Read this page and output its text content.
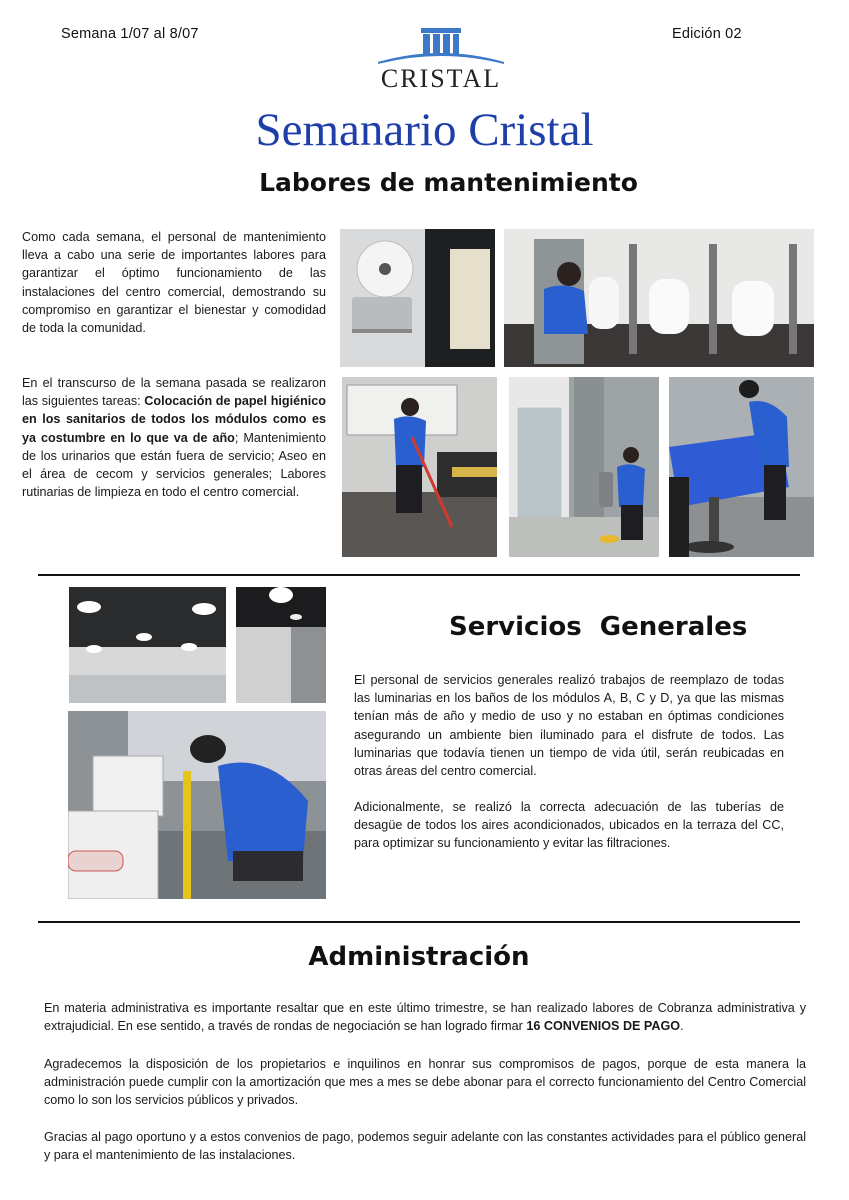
Semana 1/07 al 8/07	Edición 02
CRISTAL
Semanario Cristal
Labores de mantenimiento
Como cada semana, el personal de mantenimiento lleva a cabo una serie de importantes labores para garantizar el óptimo funcionamiento de las instalaciones del centro comercial, demostrando su compromiso en garantizar el bienestar y comodidad de toda la comunidad.
En el transcurso de la semana pasada se realizaron las siguientes tareas: Colocación de papel higiénico en los sanitarios de todos los módulos como es ya costumbre en lo que va de año; Mantenimiento de los urinarios que están fuera de servicio; Aseo en el área de cecom y servicios generales; Labores rutinarias de limpieza en todo el centro comercial.
Servicios  Generales
El personal de servicios generales realizó trabajos de reemplazo de todas las luminarias en los baños de los módulos A, B, C y D, ya que las mismas tenían más de año y medio de uso y no estaban en óptimas condiciones asegurando un ambiente bien iluminado para el disfrute de todos. Las luminarias que todavía tienen un tiempo de vida útil, serán reubicadas en otras áreas del centro comercial.
Adicionalmente, se realizó la correcta adecuación de las tuberías de desagüe de todos los aires acondicionados, ubicados en la terraza del CC, para optimizar su funcionamiento y evitar las filtraciones.
Administración
En materia administrativa es importante resaltar que en este último trimestre, se han realizado labores de Cobranza administrativa y extrajudicial. En ese sentido, a través de rondas de negociación se han logrado firmar 16 CONVENIOS DE PAGO.
Agradecemos la disposición de los propietarios e inquilinos en honrar sus compromisos de pagos, porque de esta manera la administración puede cumplir con la amortización que mes a mes se debe abonar para el correcto funcionamiento del Centro Comercial como lo son los servicios públicos y privados.
Gracias al pago oportuno y a estos convenios de pago, podemos seguir adelante con las constantes actividades para el público general y para el mantenimiento de las instalaciones.
